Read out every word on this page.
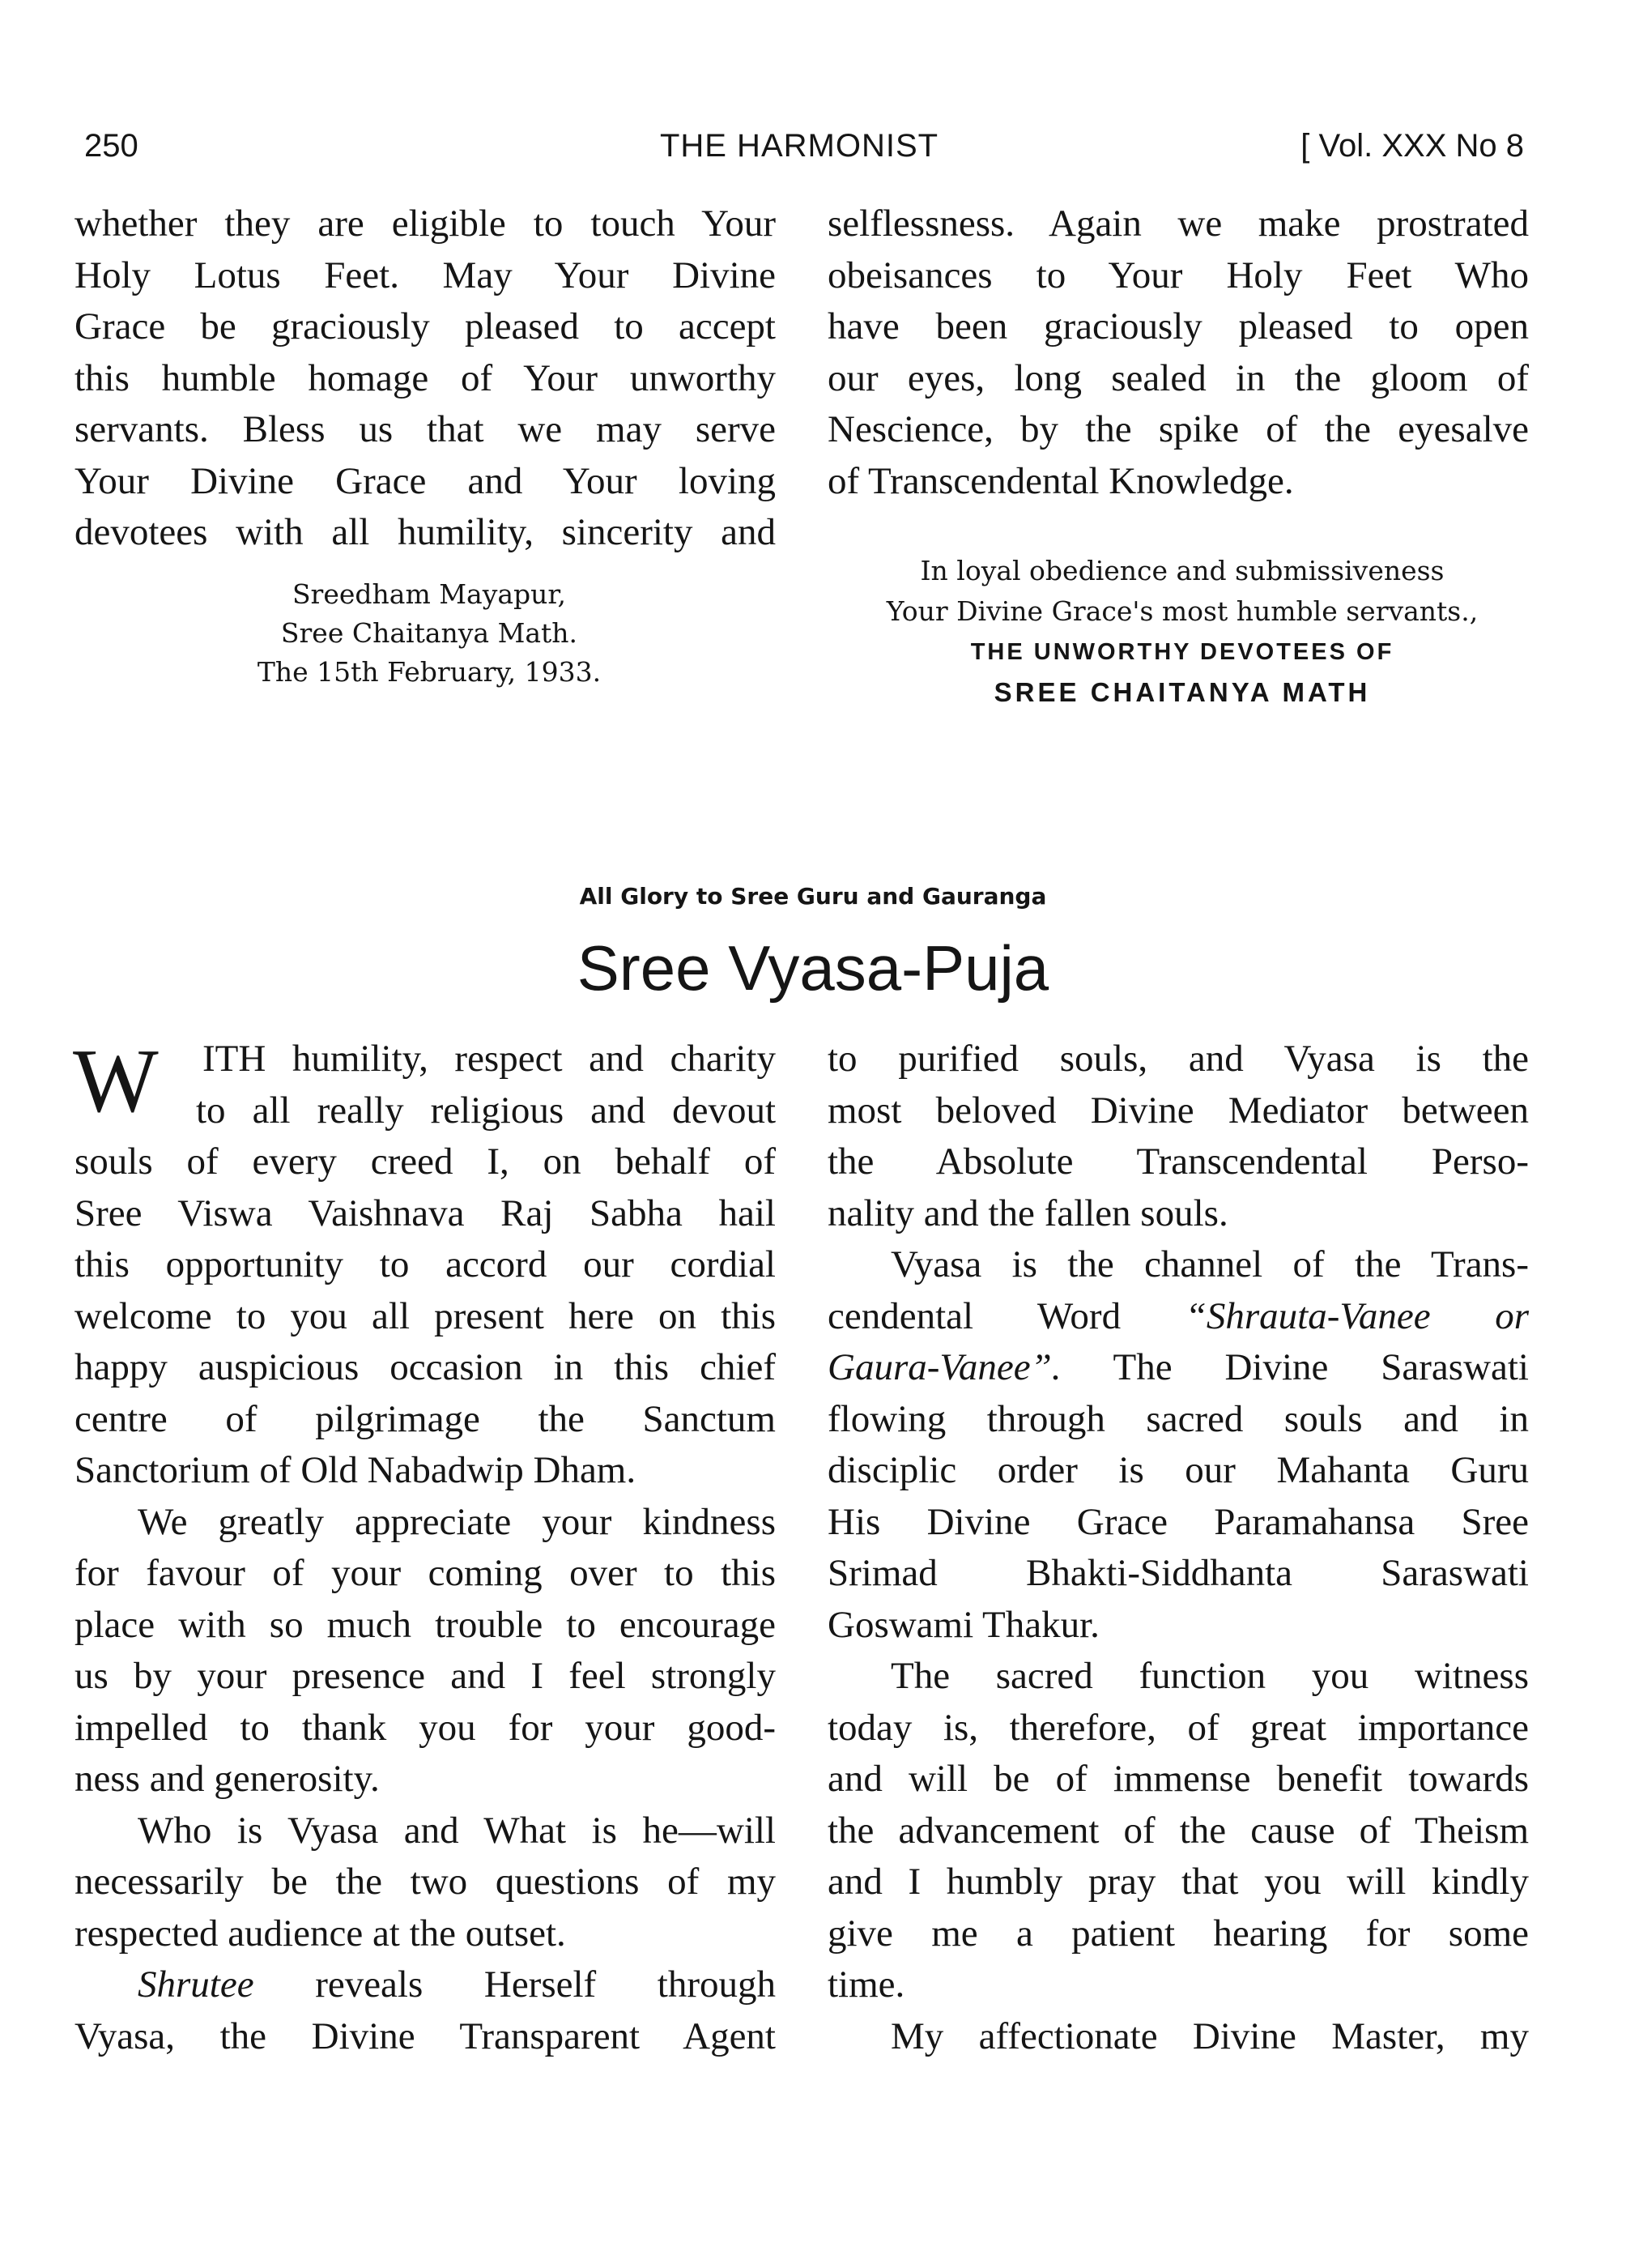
250	THE HARMONIST	[ Vol. XXX No 8
whether they are eligible to touch Your
Holy Lotus Feet. May Your Divine
Grace be graciously pleased to accept
this humble homage of Your unworthy
servants. Bless us that we may serve
Your Divine Grace and Your loving
devotees with all humility, sincerity and
selflessness. Again we make prostrated
obeisances to Your Holy Feet Who
have been graciously pleased to open
our eyes, long sealed in the gloom of
Nescience, by the spike of the eyesalve
of Transcendental Knowledge.
Sreedham Mayapur,
Sree Chaitanya Math.
The 15th February, 1933.
In loyal obedience and submissiveness
Your Divine Grace's most humble servants.,
THE UNWORTHY DEVOTEES OF
SREE CHAITANYA MATH
All Glory to Sree Guru and Gauranga
Sree Vyasa-Puja
W ITH humility, respect and charity
to all really religious and devout
souls of every creed I, on behalf of
Sree Viswa Vaishnava Raj Sabha hail
this opportunity to accord our cordial
welcome to you all present here on this
happy auspicious occasion in this chief
centre of pilgrimage the Sanctum
Sanctorium of Old Nabadwip Dham.
We greatly appreciate your kindness
for favour of your coming over to this
place with so much trouble to encourage
us by your presence and I feel strongly
impelled to thank you for your good-
ness and generosity.
Who is Vyasa and What is he—will
necessarily be the two questions of my
respected audience at the outset.
Shrutee reveals Herself through
Vyasa, the Divine Transparent Agent
to purified souls, and Vyasa is the
most beloved Divine Mediator between
the Absolute Transcendental Perso-
nality and the fallen souls.
Vyasa is the channel of the Trans-
cendental Word “Shrauta-Vanee or
Gaura-Vanee”. The Divine Saraswati
flowing through sacred souls and in
disciplic order is our Mahanta Guru
His Divine Grace Paramahansa Sree
Srimad Bhakti-Siddhanta Saraswati
Goswami Thakur.
The sacred function you witness
today is, therefore, of great importance
and will be of immense benefit towards
the advancement of the cause of Theism
and I humbly pray that you will kindly
give me a patient hearing for some
time.
My affectionate Divine Master, my
